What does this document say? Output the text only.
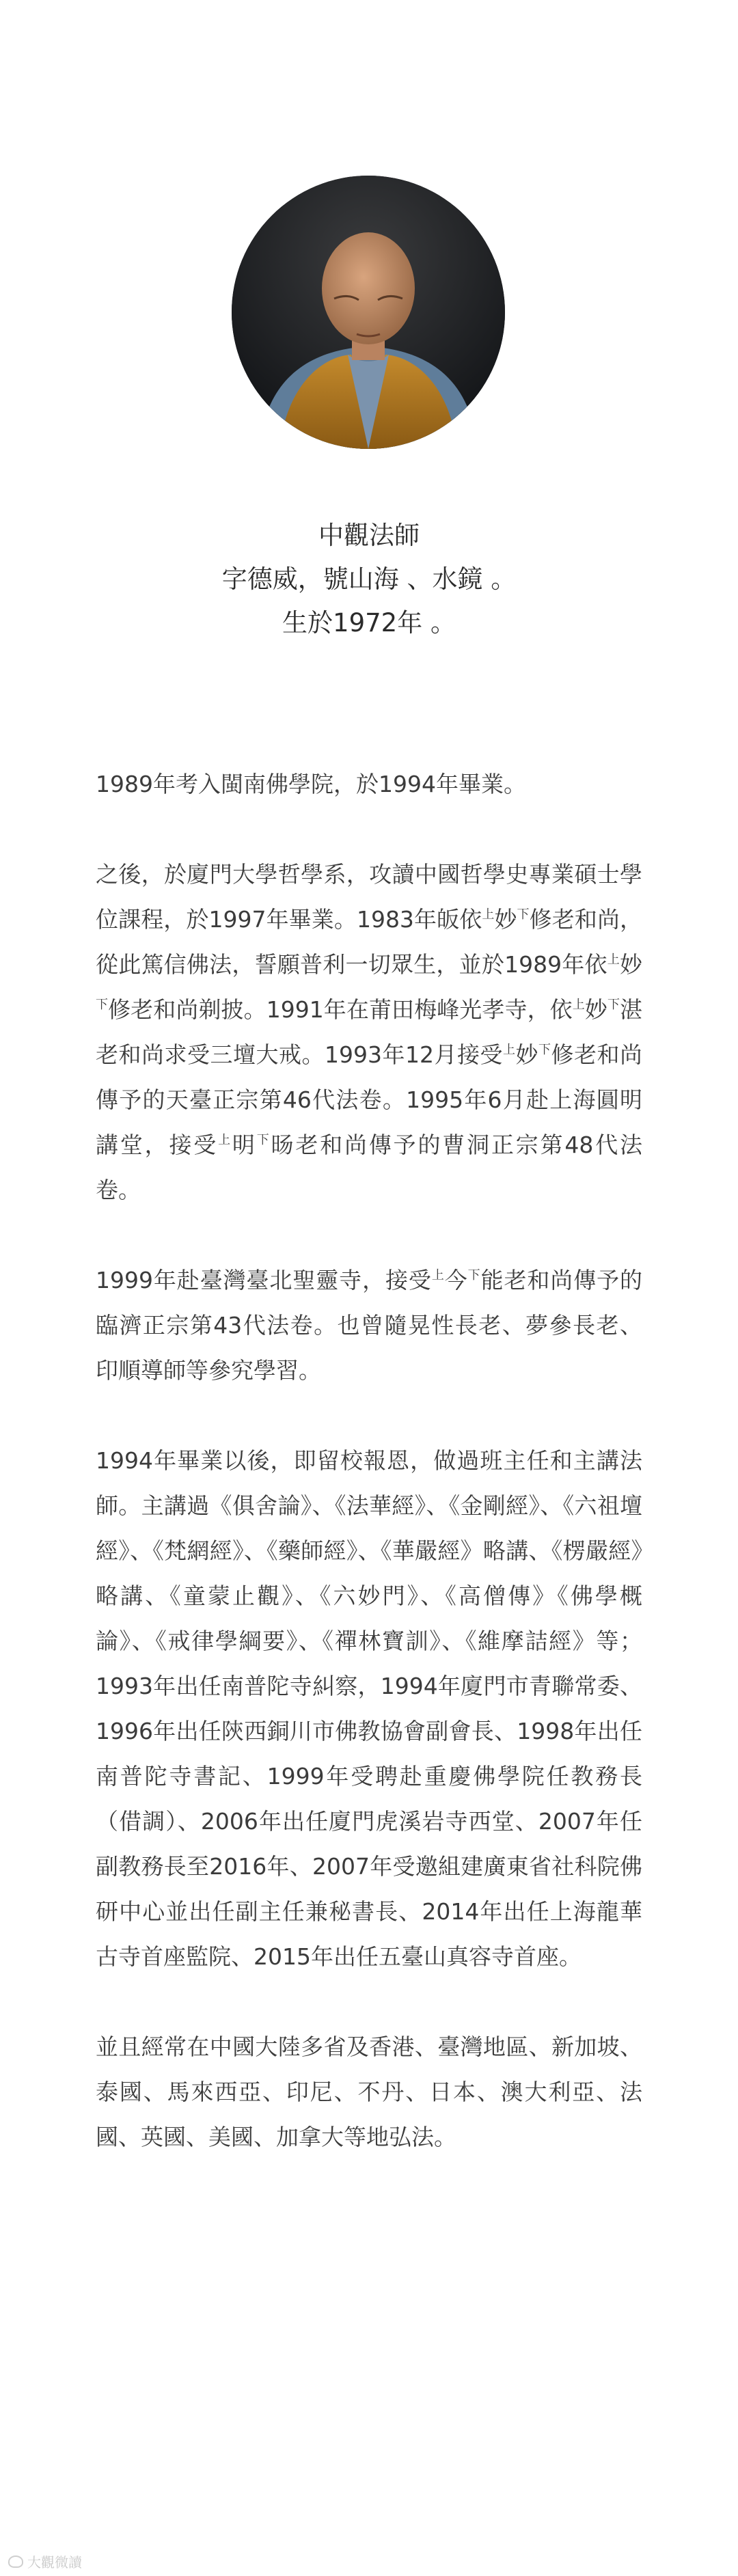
中觀法師
字德威，號山海 、水鏡 。
生於1972年 。

1989年考入閩南佛學院，於1994年畢業。

之後，於廈門大學哲學系，攻讀中國哲學史專業碩士學位課程，於1997年畢業。1983年皈依$^上$妙$_下$修老和尚，從此篤信佛法，誓願普利一切眾生，並於1989年依$^上$妙$_下$修老和尚剃披。1991年在莆田梅峰光孝寺，依$^上$妙$_下$湛老和尚求受三壇大戒。1993年12月接受$^上$妙$_下$修老和尚傳予的天臺正宗第46代法卷。1995年6月赴上海圓明講堂，接受$^上$明$_下$旸老和尚傳予的曹洞正宗第48代法卷。

1999年赴臺灣臺北聖靈寺，接受$^上$今$_下$能老和尚傳予的臨濟正宗第43代法卷。也曾隨晃性長老、夢參長老、印順導師等參究學習。

1994年畢業以後，即留校報恩，做過班主任和主講法師。主講過《俱舍論》、《法華經》、《金剛經》、《六祖壇經》、《梵網經》、《藥師經》、《華嚴經》略講、《楞嚴經》略講、《童蒙止觀》、《六妙門》、《高僧傳》《佛學概論》、《戒律學綱要》、《禪林寶訓》、《維摩詰經》等；1993年出任南普陀寺糾察，1994年廈門市青聯常委、1996年出任陝西銅川市佛教協會副會長、1998年出任南普陀寺書記、1999年受聘赴重慶佛學院任教務長（借調）、2006年出任廈門虎溪岩寺西堂、2007年任副教務長至2016年、2007年受邀組建廣東省社科院佛研中心並出任副主任兼秘書長、2014年出任上海龍華古寺首座監院、2015年出任五臺山真容寺首座。

並且經常在中國大陸多省及香港、臺灣地區、新加坡、泰國、馬來西亞、印尼、不丹、日本、澳大利亞、法國、英國、美國、加拿大等地弘法。

大觀微讀
